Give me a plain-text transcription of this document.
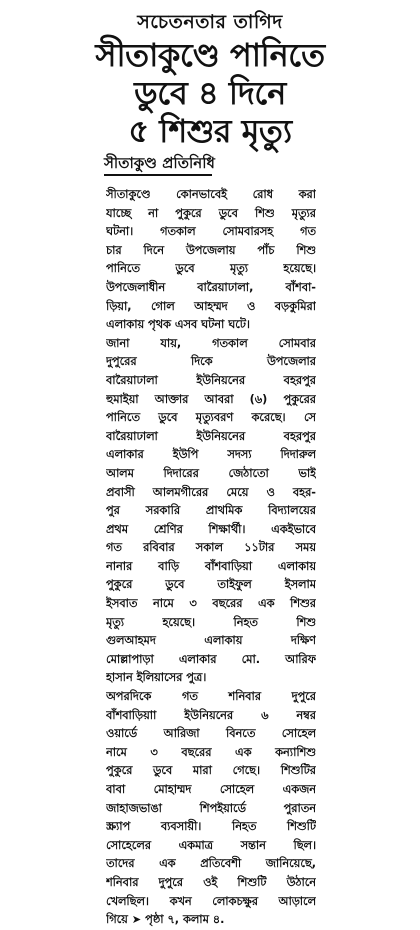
সচেতনতার তাগিদ
সীতাকুণ্ডে পানিতে
ডুবে ৪ দিনে
৫ শিশুর মৃত্যু
সীতাকুণ্ড প্রতিনিধি
সীতাকুণ্ডে কোনভাবেই রোধ করা
যাচ্ছে না পুকুরে ডুবে শিশু মৃত্যুর
ঘটনা। গতকাল সোমবারসহ গত
চার দিনে উপজেলায় পাঁচ শিশু
পানিতে ডুবে মৃত্যু হয়েছে।
উপজেলাধীন বারৈয়াঢালা, বাঁশবা-
ড়িয়া, গোল আহম্মদ ও বড়কুমিরা
এলাকায় পৃথক এসব ঘটনা ঘটে।
জানা যায়, গতকাল সোমবার
দুপুরের দিকে উপজেলার
বারৈয়াঢালা ইউনিয়নের বহরপুর
হুমাইয়া আক্তার আবরা (৬) পুকুরের
পানিতে ডুবে মৃত্যুবরণ করেছে। সে
বারৈয়াঢালা ইউনিয়নের বহরপুর
এলাকার ইউপি সদস্য দিদারুল
আলম দিদারের জেঠাতো ভাই
প্রবাসী আলমগীরের মেয়ে ও বহর-
পুর সরকারি প্রাথমিক বিদ্যালয়ের
প্রথম শ্রেণির শিক্ষার্থী। একইভাবে
গত রবিবার সকাল ১১টার সময়
নানার বাড়ি বাঁশবাড়িয়া এলাকায়
পুকুরে ডুবে তাইফুল ইসলাম
ইসবাত নামে ৩ বছরের এক শিশুর
মৃত্যু হয়েছে। নিহত শিশু
গুলআহমদ এলাকায় দক্ষিণ
মোল্লাপাড়া এলাকার মো. আরিফ
হাসান ইলিয়াসের পুত্র।
অপরদিকে গত শনিবার দুপুরে
বাঁশবাড়িয়াা ইউনিয়নের ৬ নম্বর
ওয়ার্ডে আরিজা বিনতে সোহেল
নামে ৩ বছরের এক কন্যাশিশু
পুকুরে ডুবে মারা গেছে। শিশুটির
বাবা মোহাম্মদ সোহেল একজন
জাহাজভাঙা শিপইয়ার্ডে পুরাতন
স্ক্র্যাপ ব্যবসায়ী। নিহত শিশুটি
সোহেলের একমাত্র সন্তান ছিল।
তাদের এক প্রতিবেশী জানিয়েছে,
শনিবার দুপুরে ওই শিশুটি উঠানে
খেলছিল। কখন লোকচক্ষুর আড়ালে
গিয়ে ➤ পৃষ্ঠা ৭, কলাম ৪.
